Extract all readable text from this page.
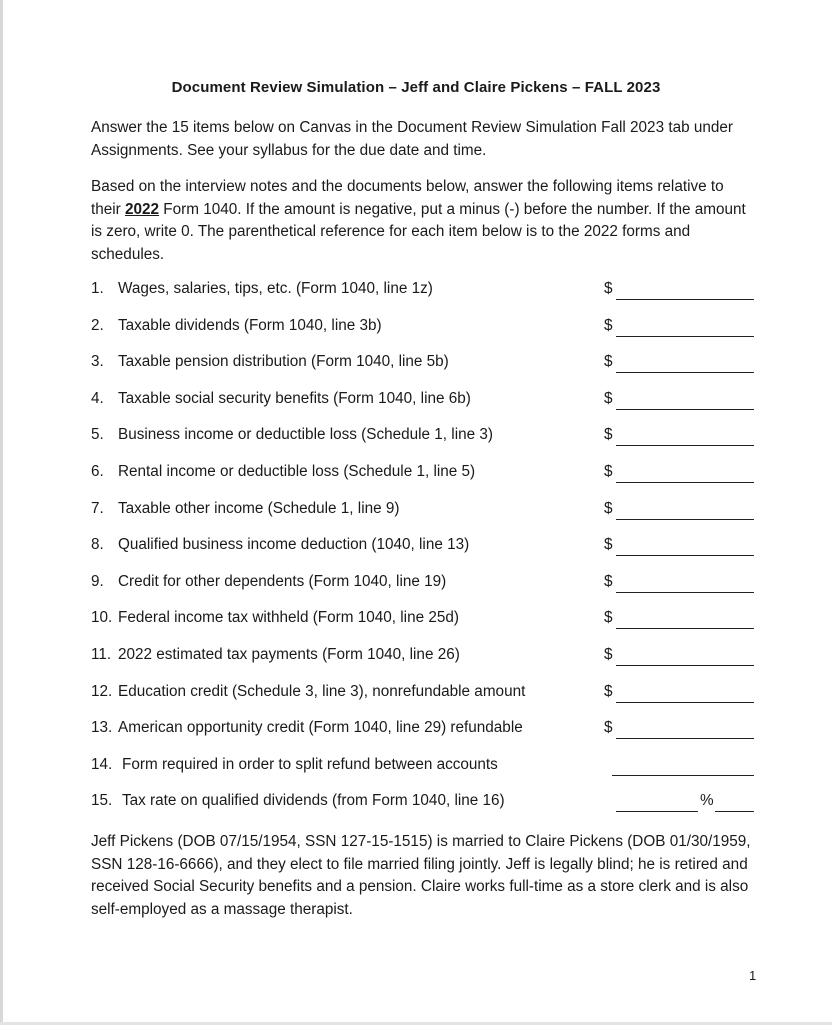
Document Review Simulation – Jeff and Claire Pickens – FALL 2023

Answer the 15 items below on Canvas in the Document Review Simulation Fall 2023 tab under Assignments. See your syllabus for the due date and time.

Based on the interview notes and the documents below, answer the following items relative to their 2022 Form 1040. If the amount is negative, put a minus (-) before the number. If the amount is zero, write 0. The parenthetical reference for each item below is to the 2022 forms and schedules.

1. Wages, salaries, tips, etc. (Form 1040, line 1z)	$
2. Taxable dividends (Form 1040, line 3b)	$
3. Taxable pension distribution (Form 1040, line 5b)	$
4. Taxable social security benefits (Form 1040, line 6b)	$
5. Business income or deductible loss (Schedule 1, line 3)	$
6. Rental income or deductible loss (Schedule 1, line 5)	$
7. Taxable other income (Schedule 1, line 9)	$
8. Qualified business income deduction (1040, line 13)	$
9. Credit for other dependents (Form 1040, line 19)	$
10. Federal income tax withheld (Form 1040, line 25d)	$
11. 2022 estimated tax payments (Form 1040, line 26)	$
12. Education credit (Schedule 3, line 3), nonrefundable amount	$
13. American opportunity credit (Form 1040, line 29) refundable	$
14. Form required in order to split refund between accounts
15. Tax rate on qualified dividends (from Form 1040, line 16)	%

Jeff Pickens (DOB 07/15/1954, SSN 127-15-1515) is married to Claire Pickens (DOB 01/30/1959, SSN 128-16-6666), and they elect to file married filing jointly. Jeff is legally blind; he is retired and received Social Security benefits and a pension. Claire works full-time as a store clerk and is also self-employed as a massage therapist.

1
